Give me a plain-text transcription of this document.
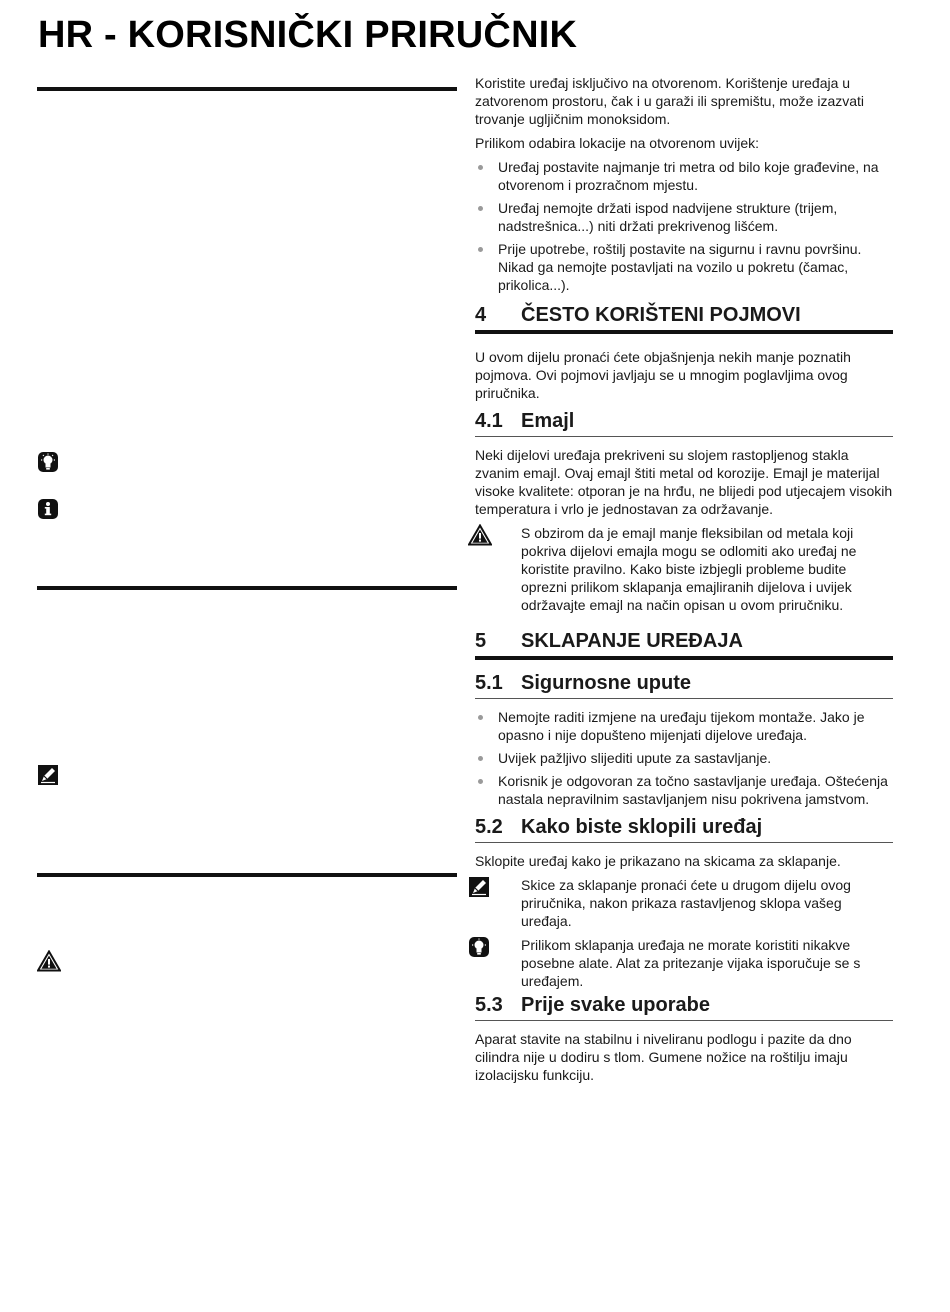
HR - KORISNIČKI PRIRUČNIK

Koristite uređaj isključivo na otvorenom. Korištenje uređaja u zatvorenom prostoru, čak i u garaži ili spremištu, može izazvati trovanje ugljičnim monoksidom.

Prilikom odabira lokacije na otvorenom uvijek:

Uređaj postavite najmanje tri metra od bilo koje građevine, na otvorenom i prozračnom mjestu.
Uređaj nemojte držati ispod nadvijene strukture (trijem, nadstrešnica...) niti držati prekrivenog lišćem.
Prije upotrebe, roštilj postavite na sigurnu i ravnu površinu. Nikad ga nemojte postavljati na vozilo u pokretu (čamac, prikolica...).
4	ČESTO KORIŠTENI POJMOVI

U ovom dijelu pronaći ćete objašnjenja nekih manje poznatih pojmova. Ovi pojmovi javljaju se u mnogim poglavljima ovog priručnika.

4.1 Emajl

Neki dijelovi uređaja prekriveni su slojem rastopljenog stakla zvanim emajl. Ovaj emajl štiti metal od korozije. Emajl je materijal visoke kvalitete: otporan je na hrđu, ne blijedi pod utjecajem visokih temperatura i vrlo je jednostavan za održavanje.

S obzirom da je emajl manje fleksibilan od metala koji pokriva dijelovi emajla mogu se odlomiti ako uređaj ne koristite pravilno. Kako biste izbjegli probleme budite oprezni prilikom sklapanja emajliranih dijelova i uvijek održavajte emajl na način opisan u ovom priručniku.
5	SKLAPANJE UREĐAJA
5.1 Sigurnosne upute
Nemojte raditi izmjene na uređaju tijekom montaže. Jako je opasno i nije dopušteno mijenjati dijelove uređaja.
Uvijek pažljivo slijediti upute za sastavljanje.
Korisnik je odgovoran za točno sastavljanje uređaja. Oštećenja nastala nepravilnim sastavljanjem nisu pokrivena jamstvom.
5.2 Kako biste sklopili uređaj

Sklopite uređaj kako je prikazano na skicama za sklapanje.

Skice za sklapanje pronaći ćete u drugom dijelu ovog priručnika, nakon prikaza rastavljenog sklopa vašeg uređaja.
Prilikom sklapanja uređaja ne morate koristiti nikakve posebne alate. Alat za pritezanje vijaka isporučuje se s uređajem.
5.3 Prije svake uporabe

Aparat stavite na stabilnu i niveliranu podlogu i pazite da dno cilindra nije u dodiru s tlom. Gumene nožice na roštilju imaju izolacijsku funkciju.
